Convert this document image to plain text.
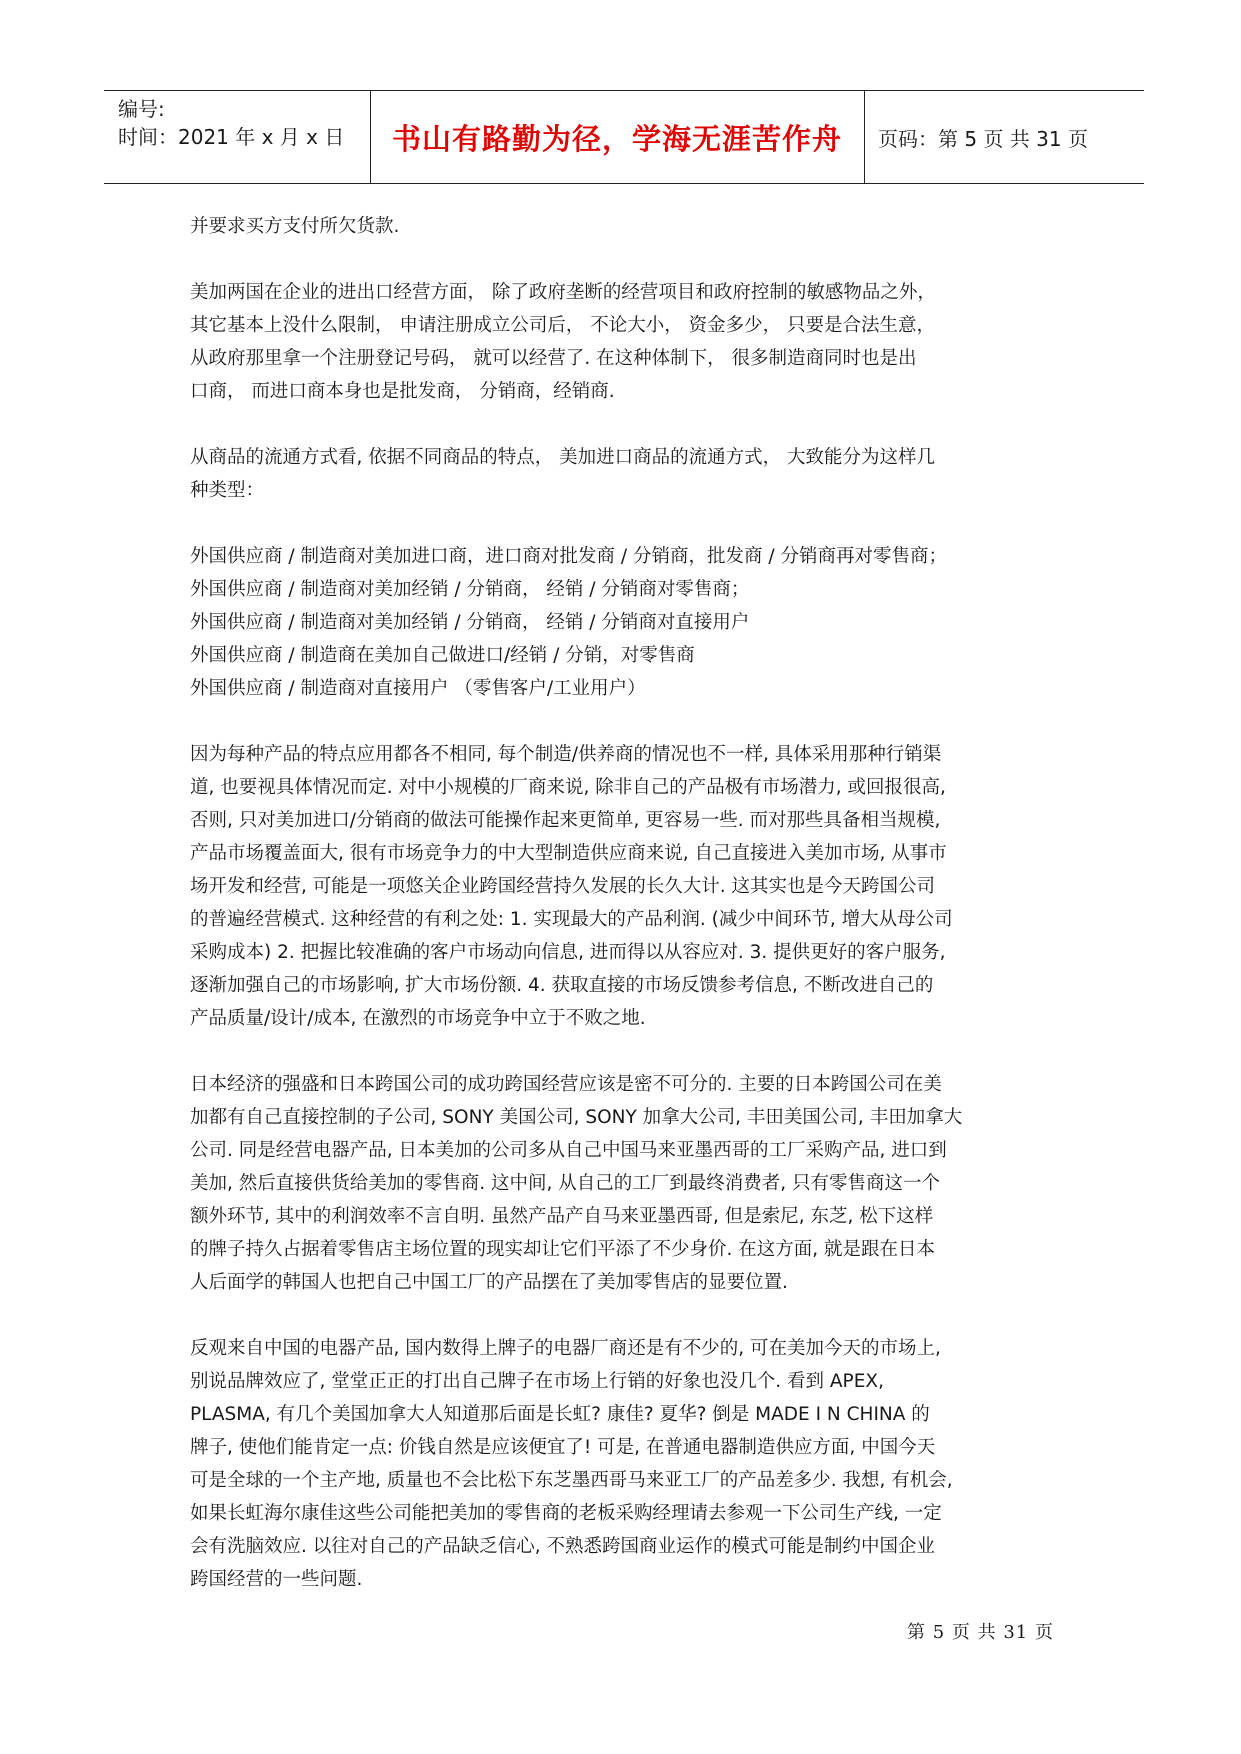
编号:
时间：2021 年 x 月 x 日 书山有路勤为径，学海无涯苦作舟 页码：第 5 页 共 31 页
并要求买方支付所欠货款.
美加两国在企业的进出口经营方面， 除了政府垄断的经营项目和政府控制的敏感物品之外，
其它基本上没什么限制， 申请注册成立公司后， 不论大小， 资金多少， 只要是合法生意，
从政府那里拿一个注册登记号码， 就可以经营了. 在这种体制下， 很多制造商同时也是出
口商， 而进口商本身也是批发商， 分销商，经销商.
从商品的流通方式看, 依据不同商品的特点， 美加进口商品的流通方式， 大致能分为这样几
种类型：
外国供应商 / 制造商对美加进口商，进口商对批发商 / 分销商，批发商 / 分销商再对零售商；
外国供应商 / 制造商对美加经销 / 分销商， 经销 / 分销商对零售商；
外国供应商 / 制造商对美加经销 / 分销商， 经销 / 分销商对直接用户
外国供应商 / 制造商在美加自己做进口/经销 / 分销，对零售商
外国供应商 / 制造商对直接用户 （零售客户/工业用户）
因为每种产品的特点应用都各不相同, 每个制造/供养商的情况也不一样, 具体采用那种行销渠
道, 也要视具体情况而定. 对中小规模的厂商来说, 除非自己的产品极有市场潜力, 或回报很高,
否则, 只对美加进口/分销商的做法可能操作起来更简单, 更容易一些. 而对那些具备相当规模,
产品市场覆盖面大, 很有市场竞争力的中大型制造供应商来说, 自己直接进入美加市场, 从事市
场开发和经营, 可能是一项悠关企业跨国经营持久发展的长久大计. 这其实也是今天跨国公司
的普遍经营模式. 这种经营的有利之处: 1. 实现最大的产品利润. (减少中间环节, 增大从母公司
采购成本) 2. 把握比较准确的客户市场动向信息, 进而得以从容应对. 3. 提供更好的客户服务,
逐渐加强自己的市场影响, 扩大市场份额. 4. 获取直接的市场反馈参考信息, 不断改进自己的
产品质量/设计/成本, 在激烈的市场竞争中立于不败之地.
日本经济的强盛和日本跨国公司的成功跨国经营应该是密不可分的. 主要的日本跨国公司在美
加都有自己直接控制的子公司, SONY 美国公司, SONY 加拿大公司, 丰田美国公司, 丰田加拿大
公司. 同是经营电器产品, 日本美加的公司多从自己中国马来亚墨西哥的工厂采购产品, 进口到
美加, 然后直接供货给美加的零售商. 这中间, 从自己的工厂到最终消费者, 只有零售商这一个
额外环节, 其中的利润效率不言自明. 虽然产品产自马来亚墨西哥, 但是索尼, 东芝, 松下这样
的牌子持久占据着零售店主场位置的现实却让它们平添了不少身价. 在这方面, 就是跟在日本
人后面学的韩国人也把自己中国工厂的产品摆在了美加零售店的显要位置.
反观来自中国的电器产品, 国内数得上牌子的电器厂商还是有不少的, 可在美加今天的市场上,
别说品牌效应了, 堂堂正正的打出自己牌子在市场上行销的好象也没几个. 看到 APEX,
PLASMA, 有几个美国加拿大人知道那后面是长虹? 康佳? 夏华? 倒是 MADE I N CHINA 的
牌子, 使他们能肯定一点: 价钱自然是应该便宜了! 可是, 在普通电器制造供应方面, 中国今天
可是全球的一个主产地, 质量也不会比松下东芝墨西哥马来亚工厂的产品差多少. 我想, 有机会,
如果长虹海尔康佳这些公司能把美加的零售商的老板采购经理请去参观一下公司生产线, 一定
会有洗脑效应. 以往对自己的产品缺乏信心, 不熟悉跨国商业运作的模式可能是制约中国企业
跨国经营的一些问题.
第 5 页 共 31 页
